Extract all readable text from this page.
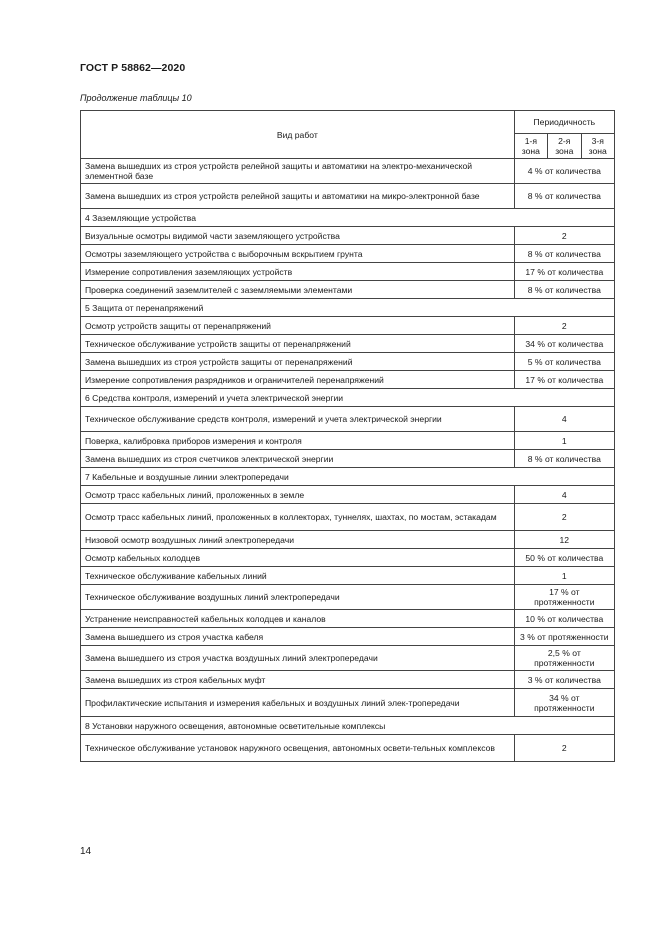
ГОСТ Р 58862—2020
Продолжение таблицы 10
Вид работ	Периодичность		
	1-я зона	2-я зона	3-я зона
Замена вышедших из строя устройств релейной защиты и автоматики на электро-механической элементной базе	4 % от количества		
Замена вышедших из строя устройств релейной защиты и автоматики на микро-электронной базе	8 % от количества		
4 Заземляющие устройства			
Визуальные осмотры видимой части заземляющего устройства	2		
Осмотры заземляющего устройства с выборочным вскрытием грунта	8 % от количества		
Измерение сопротивления заземляющих устройств	17 % от количества		
Проверка соединений заземлителей с заземляемыми элементами	8 % от количества		
5 Защита от перенапряжений			
Осмотр устройств защиты от перенапряжений	2		
Техническое обслуживание устройств защиты от перенапряжений	34 % от количества		
Замена вышедших из строя устройств защиты от перенапряжений	5 % от количества		
Измерение сопротивления разрядников и ограничителей перенапряжений	17 % от количества		
6 Средства контроля, измерений и учета электрической энергии			
Техническое обслуживание средств контроля, измерений и учета электрической энергии	4		
Поверка, калибровка приборов измерения и контроля	1		
Замена вышедших из строя счетчиков электрической энергии	8 % от количества		
7 Кабельные и воздушные линии электропередачи			
Осмотр трасс кабельных линий, проложенных в земле	4		
Осмотр трасс кабельных линий, проложенных в коллекторах, туннелях, шахтах, по мостам, эстакадам	2		
Низовой осмотр воздушных линий электропередачи	12		
Осмотр кабельных колодцев	50 % от количества		
Техническое обслуживание кабельных линий	1		
Техническое обслуживание воздушных линий электропередачи	17 % от протяженности		
Устранение неисправностей кабельных колодцев и каналов	10 % от количества		
Замена вышедшего из строя участка кабеля	3 % от протяженности		
Замена вышедшего из строя участка воздушных линий электропередачи	2,5 % от протяженности		
Замена вышедших из строя кабельных муфт	3 % от количества		
Профилактические испытания и измерения кабельных и воздушных линий элек-тропередачи	34 % от протяженности		
8 Установки наружного освещения, автономные осветительные комплексы			
Техническое обслуживание установок наружного освещения, автономных освети-тельных комплексов	2		
14
